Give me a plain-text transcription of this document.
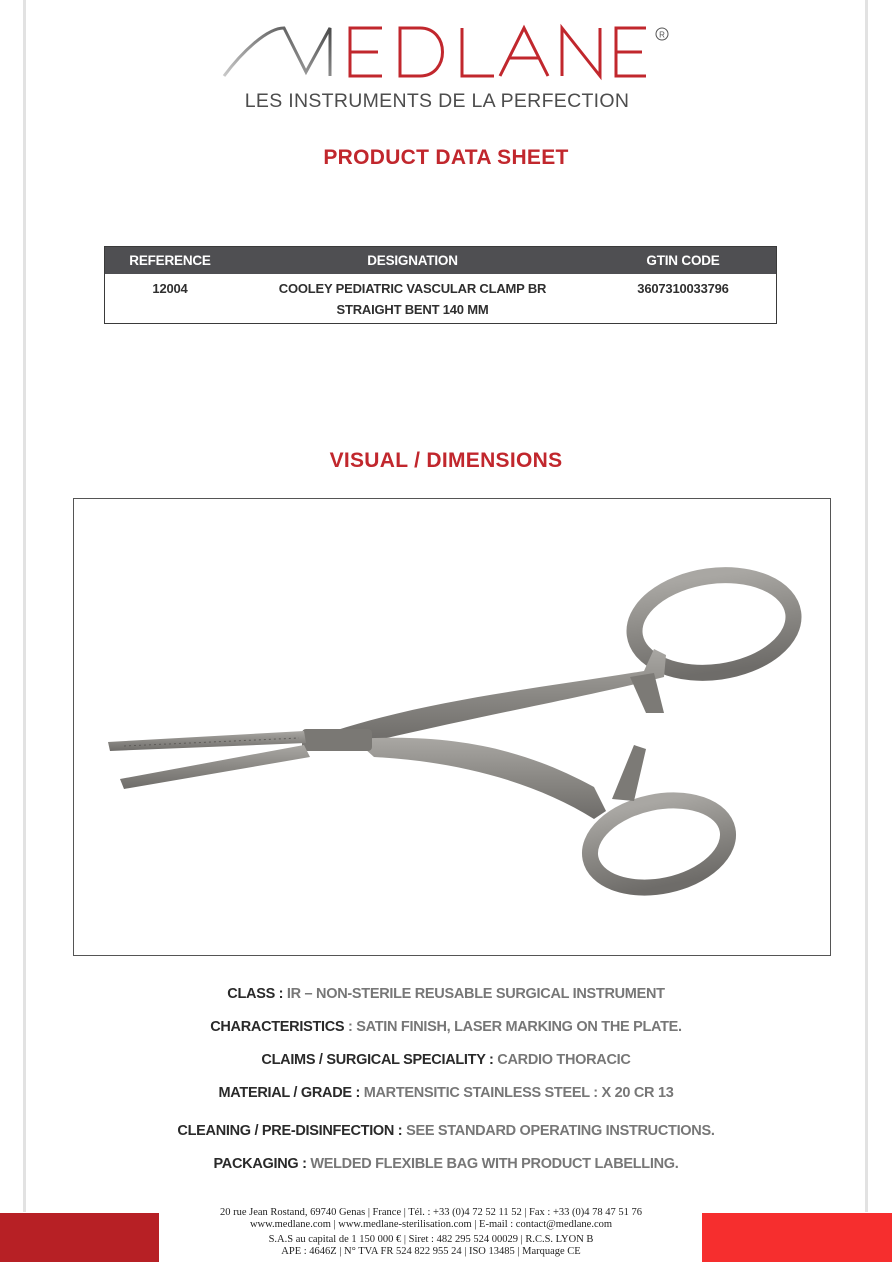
R
LES INSTRUMENTS DE LA PERFECTION
PRODUCT DATA SHEET
REFERENCE	DESIGNATION	GTIN CODE
12004	COOLEY PEDIATRIC VASCULAR CLAMP BR STRAIGHT BENT 140 MM	3607310033796
VISUAL / DIMENSIONS
CLASS : IR – NON-STERILE REUSABLE SURGICAL INSTRUMENT
CHARACTERISTICS : SATIN FINISH, LASER MARKING ON THE PLATE.
CLAIMS / SURGICAL SPECIALITY : CARDIO THORACIC
MATERIAL / GRADE : MARTENSITIC STAINLESS STEEL : X 20 CR 13
CLEANING / PRE-DISINFECTION : SEE STANDARD OPERATING INSTRUCTIONS.
PACKAGING : WELDED FLEXIBLE BAG WITH PRODUCT LABELLING.
20 rue Jean Rostand, 69740 Genas | France | Tél. : +33 (0)4 72 52 11 52 | Fax : +33 (0)4 78 47 51 76
www.medlane.com | www.medlane-sterilisation.com | E-mail : contact@medlane.com
S.A.S au capital de 1 150 000 € | Siret : 482 295 524 00029 | R.C.S. LYON B
APE : 4646Z | N° TVA FR 524 822 955 24 | ISO 13485 | Marquage CE
